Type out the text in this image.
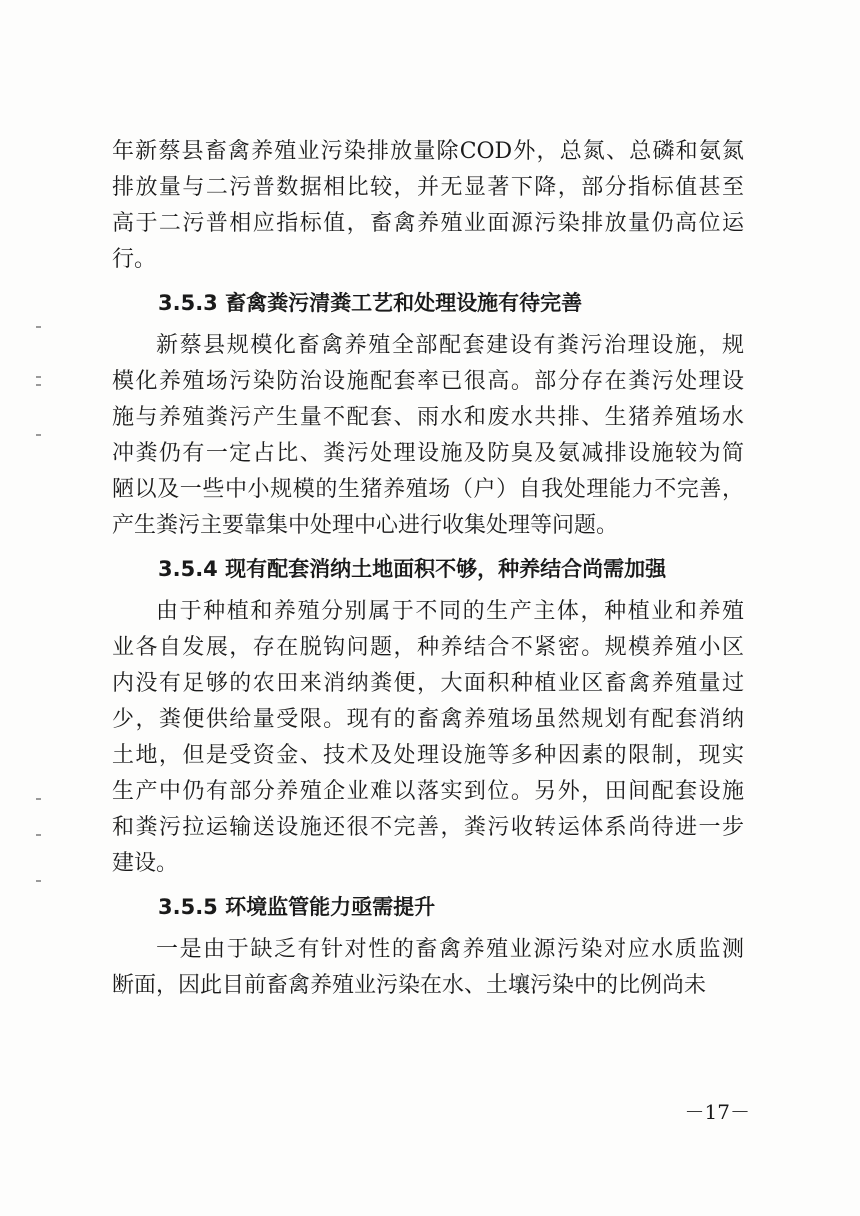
年新蔡县畜禽养殖业污染排放量除COD外，总氮、总磷和氨氮
排放量与二污普数据相比较，并无显著下降，部分指标值甚至
高于二污普相应指标值，畜禽养殖业面源污染排放量仍高位运
行。
3.5.3 畜禽粪污清粪工艺和处理设施有待完善
新蔡县规模化畜禽养殖全部配套建设有粪污治理设施，规
模化养殖场污染防治设施配套率已很高。部分存在粪污处理设
施与养殖粪污产生量不配套、雨水和废水共排、生猪养殖场水
冲粪仍有一定占比、粪污处理设施及防臭及氨减排设施较为简
陋以及一些中小规模的生猪养殖场（户）自我处理能力不完善，
产生粪污主要靠集中处理中心进行收集处理等问题。
3.5.4 现有配套消纳土地面积不够，种养结合尚需加强
由于种植和养殖分别属于不同的生产主体，种植业和养殖
业各自发展，存在脱钩问题，种养结合不紧密。规模养殖小区
内没有足够的农田来消纳粪便，大面积种植业区畜禽养殖量过
少，粪便供给量受限。现有的畜禽养殖场虽然规划有配套消纳
土地，但是受资金、技术及处理设施等多种因素的限制，现实
生产中仍有部分养殖企业难以落实到位。另外，田间配套设施
和粪污拉运输送设施还很不完善，粪污收转运体系尚待进一步
建设。
3.5.5 环境监管能力亟需提升
一是由于缺乏有针对性的畜禽养殖业源污染对应水质监测
断面，因此目前畜禽养殖业污染在水、土壤污染中的比例尚未
－17－
